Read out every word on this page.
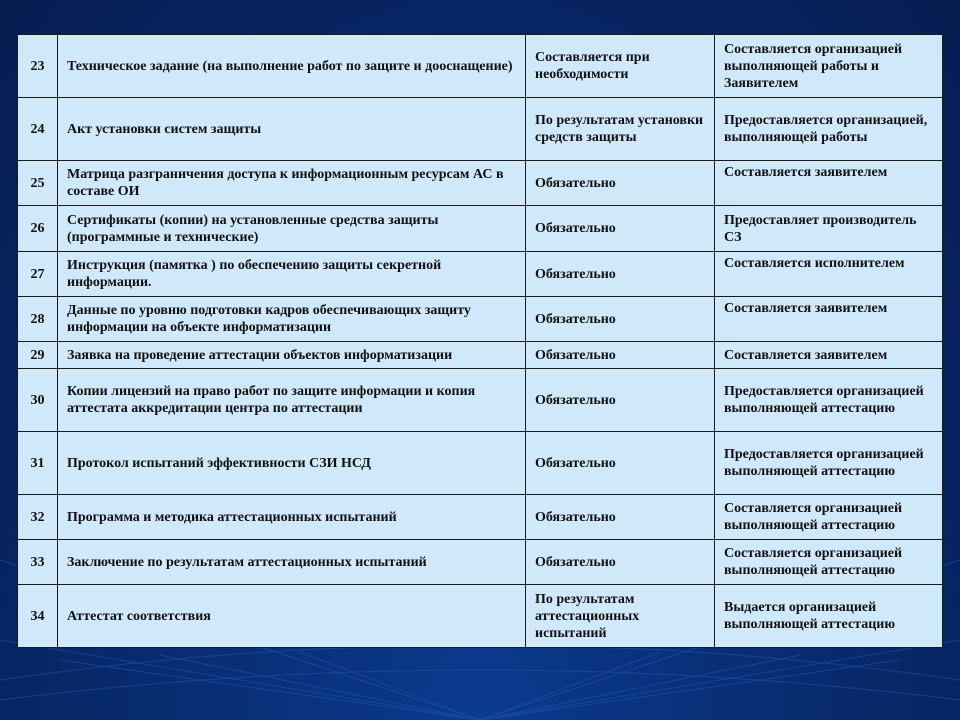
23	Техническое задание (на выполнение работ по защите и дооснащение)	Составляется при необходимости	Составляется организацией выполняющей работы и Заявителем
24	Акт установки систем защиты	По результатам установки средств защиты	Предоставляется организацией, выполняющей работы
25	Матрица разграничения доступа к информационным ресурсам АС в составе ОИ	Обязательно	Составляется заявителем
26	Сертификаты (копии) на установленные средства защиты (программные и технические)	Обязательно	Предоставляет производитель СЗ
27	Инструкция (памятка ) по обеспечению защиты секретной информации.	Обязательно	Составляется исполнителем
28	Данные по уровню подготовки кадров обеспечивающих защиту информации на объекте информатизации	Обязательно	Составляется заявителем
29	Заявка на проведение аттестации объектов информатизации	Обязательно	Составляется заявителем
30	Копии лицензий на право работ по защите информации и копия аттестата аккредитации центра по аттестации	Обязательно	Предоставляется организацией выполняющей аттестацию
31	Протокол испытаний эффективности СЗИ НСД	Обязательно	Предоставляется организацией выполняющей аттестацию
32	Программа и методика аттестационных испытаний	Обязательно	Составляется организацией выполняющей аттестацию
33	Заключение по результатам аттестационных испытаний	Обязательно	Составляется организацией выполняющей аттестацию
34	Аттестат соответствия	По результатам аттестационных испытаний	Выдается организацией выполняющей аттестацию
